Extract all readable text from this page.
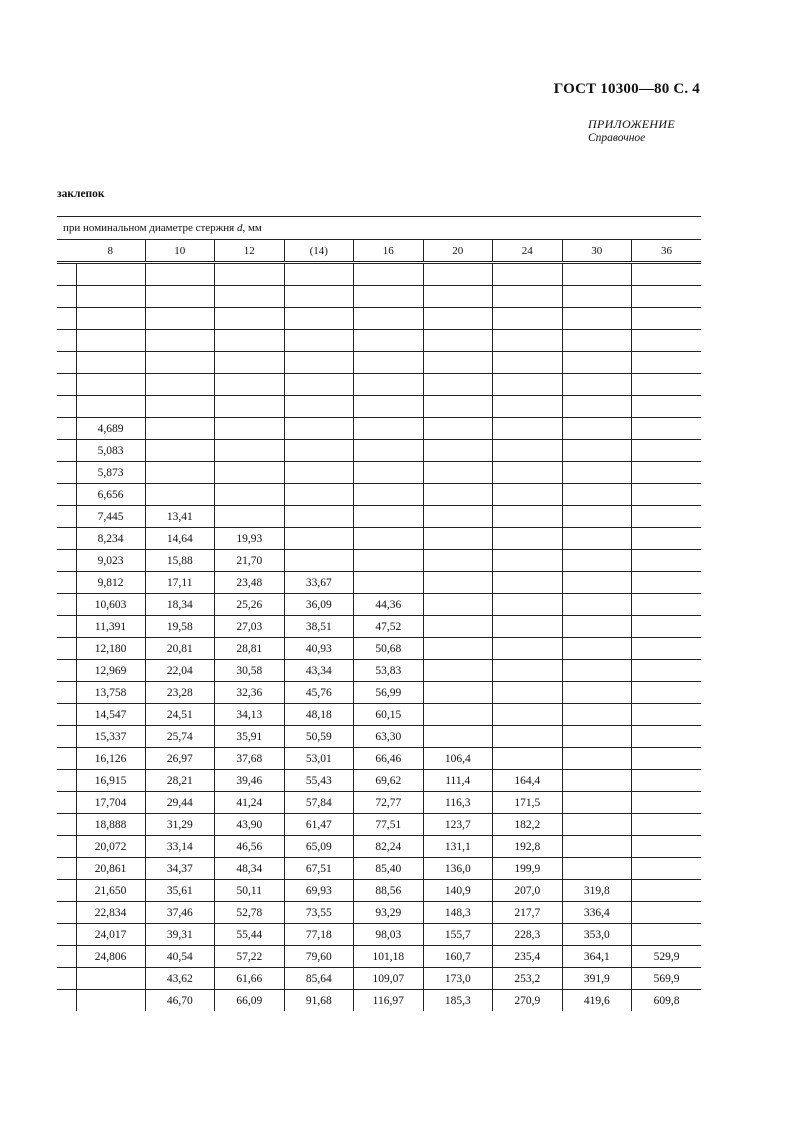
ГОСТ 10300—80 С. 4
ПРИЛОЖЕНИЕ
Справочное
заклепок
при номинальном диаметре стержня d, мм									
	8	10	12	(14)	16	20	24	30	36

	4,689								
	5,083								
	5,873								
	6,656								
	7,445	13,41							
	8,234	14,64	19,93						
	9,023	15,88	21,70						
	9,812	17,11	23,48	33,67					
	10,603	18,34	25,26	36,09	44,36				
	11,391	19,58	27,03	38,51	47,52				
	12,180	20,81	28,81	40,93	50,68				
	12,969	22,04	30,58	43,34	53,83				
	13,758	23,28	32,36	45,76	56,99				
	14,547	24,51	34,13	48,18	60,15				
	15,337	25,74	35,91	50,59	63,30				
	16,126	26,97	37,68	53,01	66,46	106,4			
	16,915	28,21	39,46	55,43	69,62	111,4	164,4		
	17,704	29,44	41,24	57,84	72,77	116,3	171,5		
	18,888	31,29	43,90	61,47	77,51	123,7	182,2		
	20,072	33,14	46,56	65,09	82,24	131,1	192,8		
	20,861	34,37	48,34	67,51	85,40	136,0	199,9		
	21,650	35,61	50,11	69,93	88,56	140,9	207,0	319,8	
	22,834	37,46	52,78	73,55	93,29	148,3	217,7	336,4	
	24,017	39,31	55,44	77,18	98,03	155,7	228,3	353,0	
	24,806	40,54	57,22	79,60	101,18	160,7	235,4	364,1	529,9
		43,62	61,66	85,64	109,07	173,0	253,2	391,9	569,9
		46,70	66,09	91,68	116,97	185,3	270,9	419,6	609,8
